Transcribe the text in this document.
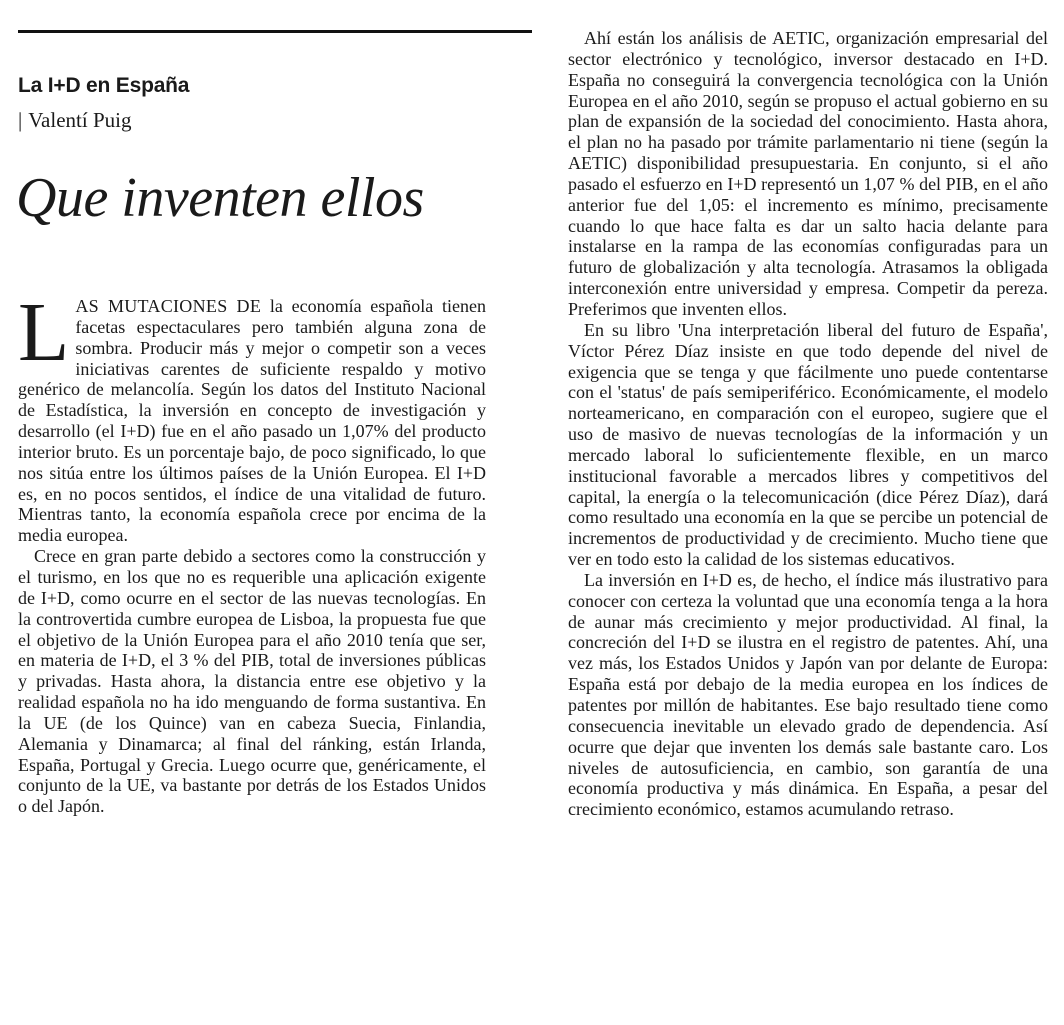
La I+D en España
| Valentí Puig
Que inventen ellos

LAS MUTACIONES DE la economía española tienen facetas espectaculares pero también alguna zona de sombra. Producir más y mejor o competir son a veces iniciativas carentes de suficiente respaldo y motivo genérico de melancolía. Según los datos del Instituto Nacional de Estadística, la inversión en concepto de investigación y desarrollo (el I+D) fue en el año pasado un 1,07% del producto interior bruto. Es un porcentaje bajo, de poco significado, lo que nos sitúa entre los últimos países de la Unión Europea. El I+D es, en no pocos sentidos, el índice de una vitalidad de futuro. Mientras tanto, la economía española crece por encima de la media europea.

Crece en gran parte debido a sectores como la construcción y el turismo, en los que no es requerible una aplicación exigente de I+D, como ocurre en el sector de las nuevas tecnologías. En la controvertida cumbre europea de Lisboa, la propuesta fue que el objetivo de la Unión Europea para el año 2010 tenía que ser, en materia de I+D, el 3 % del PIB, total de inversiones públicas y privadas. Hasta ahora, la distancia entre ese objetivo y la realidad española no ha ido menguando de forma sustantiva. En la UE (de los Quince) van en cabeza Suecia, Finlandia, Alemania y Dinamarca; al final del ránking, están Irlanda, España, Portugal y Grecia. Luego ocurre que, genéricamente, el conjunto de la UE, va bastante por detrás de los Estados Unidos o del Japón.

Ahí están los análisis de AETIC, organización empresarial del sector electrónico y tecnológico, inversor destacado en I+D. España no conseguirá la convergencia tecnológica con la Unión Europea en el año 2010, según se propuso el actual gobierno en su plan de expansión de la sociedad del conocimiento. Hasta ahora, el plan no ha pasado por trámite parlamentario ni tiene (según la AETIC) disponibilidad presupuestaria. En conjunto, si el año pasado el esfuerzo en I+D representó un 1,07 % del PIB, en el año anterior fue del 1,05: el incremento es mínimo, precisamente cuando lo que hace falta es dar un salto hacia delante para instalarse en la rampa de las economías configuradas para un futuro de globalización y alta tecnología. Atrasamos la obligada interconexión entre universidad y empresa. Competir da pereza. Preferimos que inventen ellos.

En su libro 'Una interpretación liberal del futuro de España', Víctor Pérez Díaz insiste en que todo depende del nivel de exigencia que se tenga y que fácilmente uno puede contentarse con el 'status' de país semiperiférico. Económicamente, el modelo norteamericano, en comparación con el europeo, sugiere que el uso de masivo de nuevas tecnologías de la información y un mercado laboral lo suficientemente flexible, en un marco institucional favorable a mercados libres y competitivos del capital, la energía o la telecomunicación (dice Pérez Díaz), dará como resultado una economía en la que se percibe un potencial de incrementos de productividad y de crecimiento. Mucho tiene que ver en todo esto la calidad de los sistemas educativos.

La inversión en I+D es, de hecho, el índice más ilustrativo para conocer con certeza la voluntad que una economía tenga a la hora de aunar más crecimiento y mejor productividad. Al final, la concreción del I+D se ilustra en el registro de patentes. Ahí, una vez más, los Estados Unidos y Japón van por delante de Europa: España está por debajo de la media europea en los índices de patentes por millón de habitantes. Ese bajo resultado tiene como consecuencia inevitable un elevado grado de dependencia. Así ocurre que dejar que inventen los demás sale bastante caro. Los niveles de autosuficiencia, en cambio, son garantía de una economía productiva y más dinámica. En España, a pesar del crecimiento económico, estamos acumulando retraso.
